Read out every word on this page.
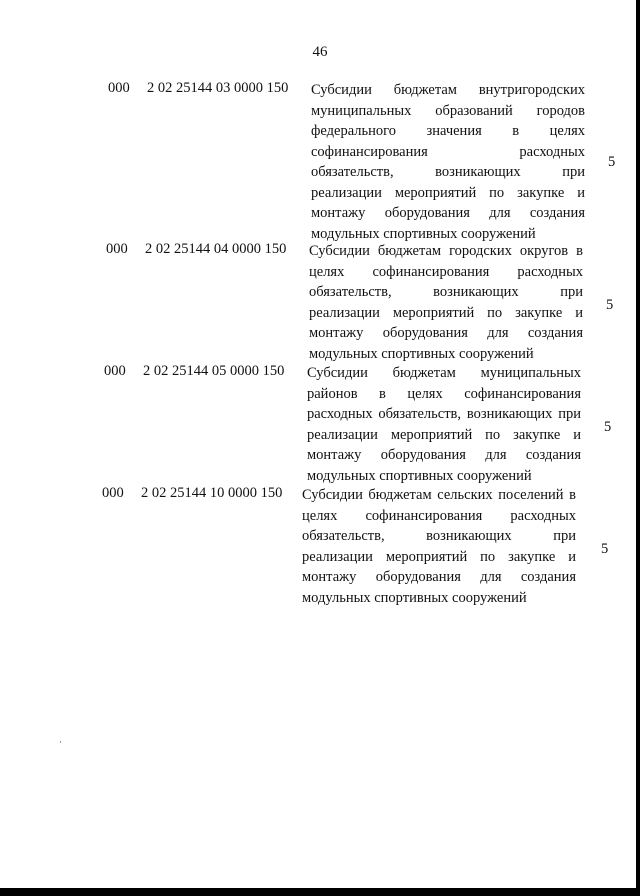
46
000 2 02 25144 03 0000 150 Субсидии бюджетам внутригородских
муниципальных образований городов
федерального значения в целях
софинансирования расходных
обязательств, возникающих при
реализации мероприятий по закупке и
монтажу оборудования для создания
модульных спортивных сооружений
5
000 2 02 25144 04 0000 150 Субсидии бюджетам городских округов в
целях софинансирования расходных
обязательств, возникающих при
реализации мероприятий по закупке и
монтажу оборудования для создания
модульных спортивных сооружений
5
000 2 02 25144 05 0000 150 Субсидии бюджетам муниципальных
районов в целях софинансирования
расходных обязательств, возникающих при
реализации мероприятий по закупке и
монтажу оборудования для создания
модульных спортивных сооружений
5
000 2 02 25144 10 0000 150 Субсидии бюджетам сельских поселений в
целях софинансирования расходных
обязательств, возникающих при
реализации мероприятий по закупке и
монтажу оборудования для создания
модульных спортивных сооружений
5
